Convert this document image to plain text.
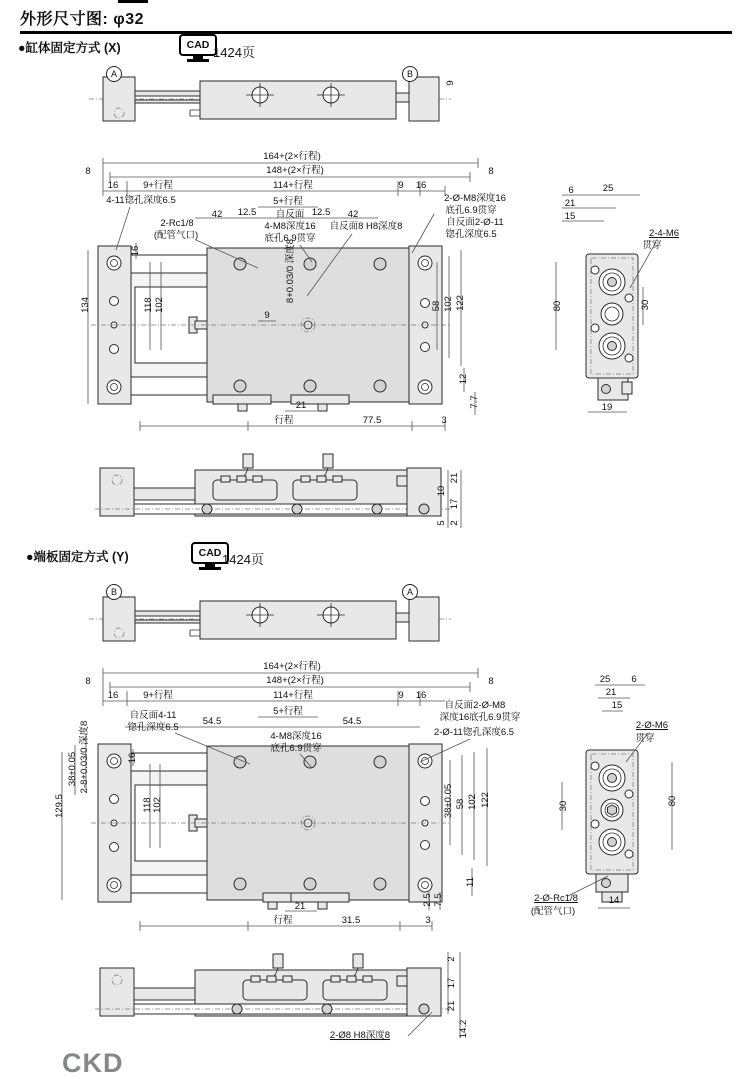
外形尺寸图: φ32
●缸体固定方式 (X)	CAD 1424页
●端板固定方式 (Y)	CAD 1424页
CKD
A	B
9
164+(2×行程)
8	148+(2×行程)	8
16	9+行程	114+行程	9 16
4-11锪孔深度6.5	5+行程
42 12.5	12.5 42
2-Rc1/8
(配管气口)
自反面
4-M8深度16
底孔6.9贯穿
自反面8 H8深度8
2-Ø-M8深度16
底孔6.9贯穿
自反面2-Ø-11
锪孔深度6.5
134
16
118 102
8+0.03/0 深度8
9
58 102 122
12
7.7
21
行程	77.5	3
6	25
21
15
2-4-M6
贯穿
80	30
19
21
10
17
5 2
B	A
164+(2×行程)
8	148+(2×行程)	8
16	9+行程	114+行程	9 16
5+行程
54.5	54.5
自反面4-11
锪孔深度6.5
4-M8深度16
底孔6.9贯穿
自反面2-Ø-M8
深度16底孔6.9贯穿
2-Ø-11锪孔深度6.5
129.5
38±0.05 2-8+0.03/0 深度8	16
118 102	38±0.05 58 102 122
11
2.5 7.5
21
行程	31.5	3
25 6
21
15
2-Ø-M6
贯穿
30	80
14
2-Ø-Rc1/8
(配管气口)
2
17
21
14.2
2-Ø8 H8深度8
